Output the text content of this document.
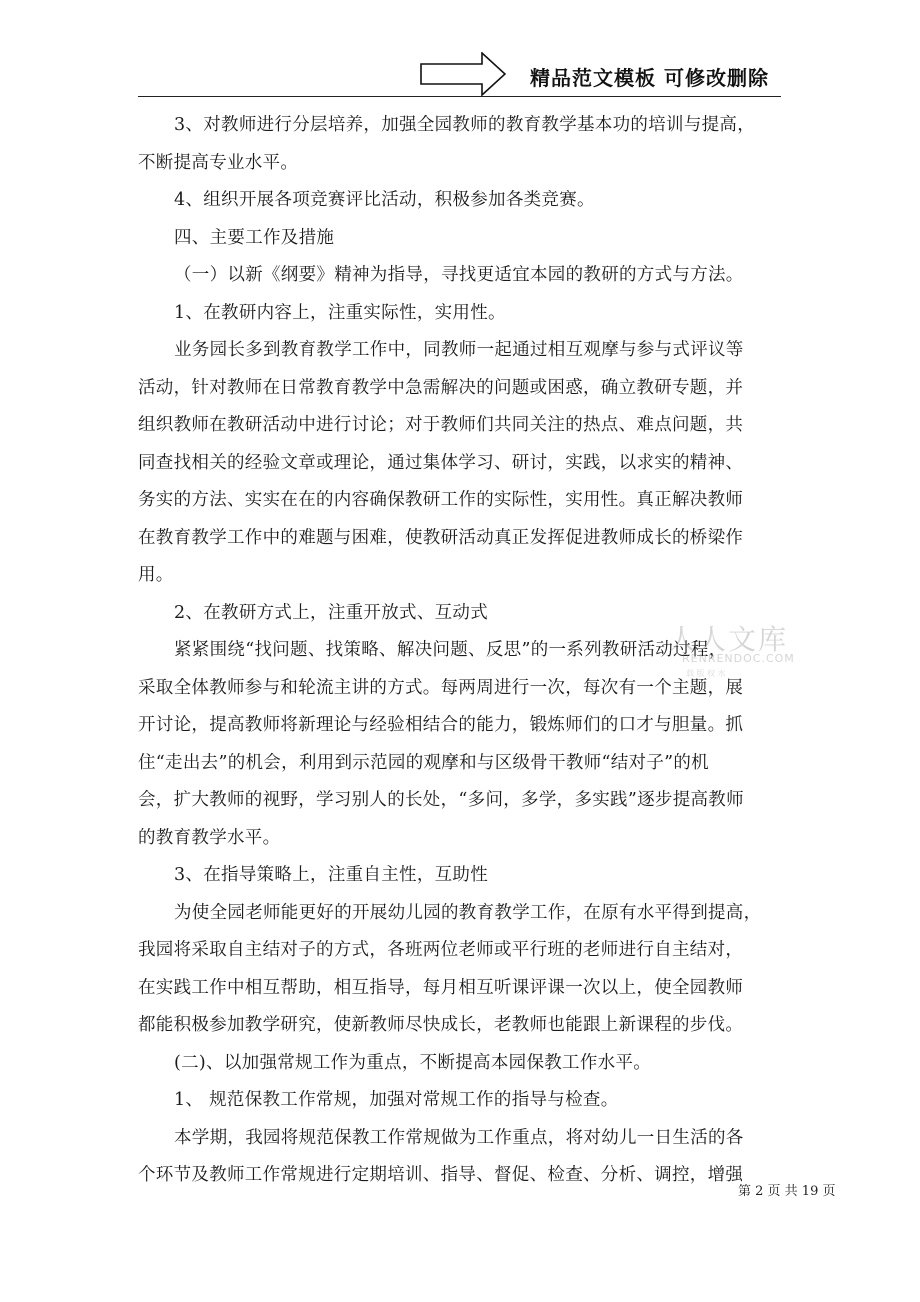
精品范文模板 可修改删除
3、对教师进行分层培养，加强全园教师的教育教学基本功的培训与提高，
不断提高专业水平。
4、组织开展各项竞赛评比活动，积极参加各类竞赛。
四、主要工作及措施
（一）以新《纲要》精神为指导，寻找更适宜本园的教研的方式与方法。
1、在教研内容上，注重实际性，实用性。
业务园长多到教育教学工作中，同教师一起通过相互观摩与参与式评议等
活动，针对教师在日常教育教学中急需解决的问题或困惑，确立教研专题，并
组织教师在教研活动中进行讨论；对于教师们共同关注的热点、难点问题，共
同查找相关的经验文章或理论，通过集体学习、研讨，实践，以求实的精神、
务实的方法、实实在在的内容确保教研工作的实际性，实用性。真正解决教师
在教育教学工作中的难题与困难，使教研活动真正发挥促进教师成长的桥梁作
用。
2、在教研方式上，注重开放式、互动式
紧紧围绕“找问题、找策略、解决问题、反思”的一系列教研活动过程，
采取全体教师参与和轮流主讲的方式。每两周进行一次，每次有一个主题，展
开讨论，提高教师将新理论与经验相结合的能力，锻炼师们的口才与胆量。抓
住“走出去”的机会，利用到示范园的观摩和与区级骨干教师“结对子”的机
会，扩大教师的视野，学习别人的长处，“多问，多学，多实践”逐步提高教师
的教育教学水平。
3、在指导策略上，注重自主性，互助性
为使全园老师能更好的开展幼儿园的教育教学工作，在原有水平得到提高，
我园将采取自主结对子的方式，各班两位老师或平行班的老师进行自主结对，
在实践工作中相互帮助，相互指导，每月相互听课评课一次以上，使全园教师
都能积极参加教学研究，使新教师尽快成长，老教师也能跟上新课程的步伐。
(二)、以加强常规工作为重点，不断提高本园保教工作水平。
1、 规范保教工作常规，加强对常规工作的指导与检查。
本学期，我园将规范保教工作常规做为工作重点，将对幼儿一日生活的各
个环节及教师工作常规进行定期培训、指导、督促、检查、分析、调控，增强
人人文库
RENRENDOC.COM
载 版 权 水
第 2 页 共 19 页
